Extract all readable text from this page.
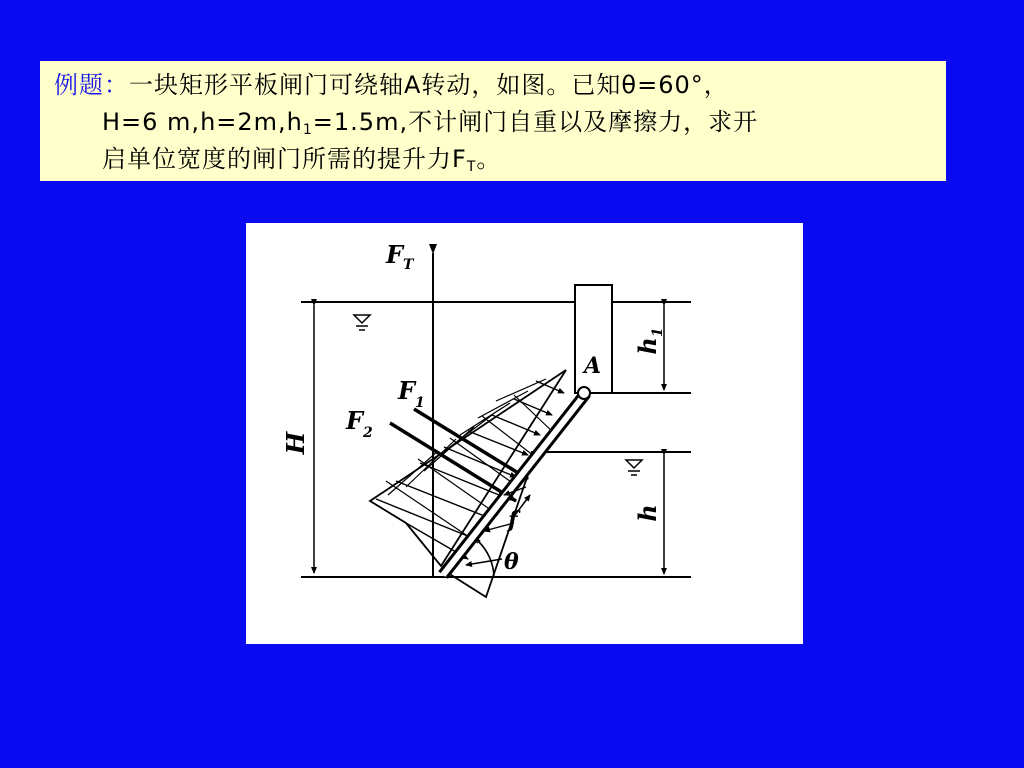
例题：一块矩形平板闸门可绕轴A转动，如图。已知θ=60°，
H=6 $m,h=2m,h_1=1.5m$,不计闸门自重以及摩擦力，求开
启单位宽度的闸门所需的提升力$F_T$。
$F_T$
$F_1$
$F_2$
A
f
θ
$h_1$
H
h
